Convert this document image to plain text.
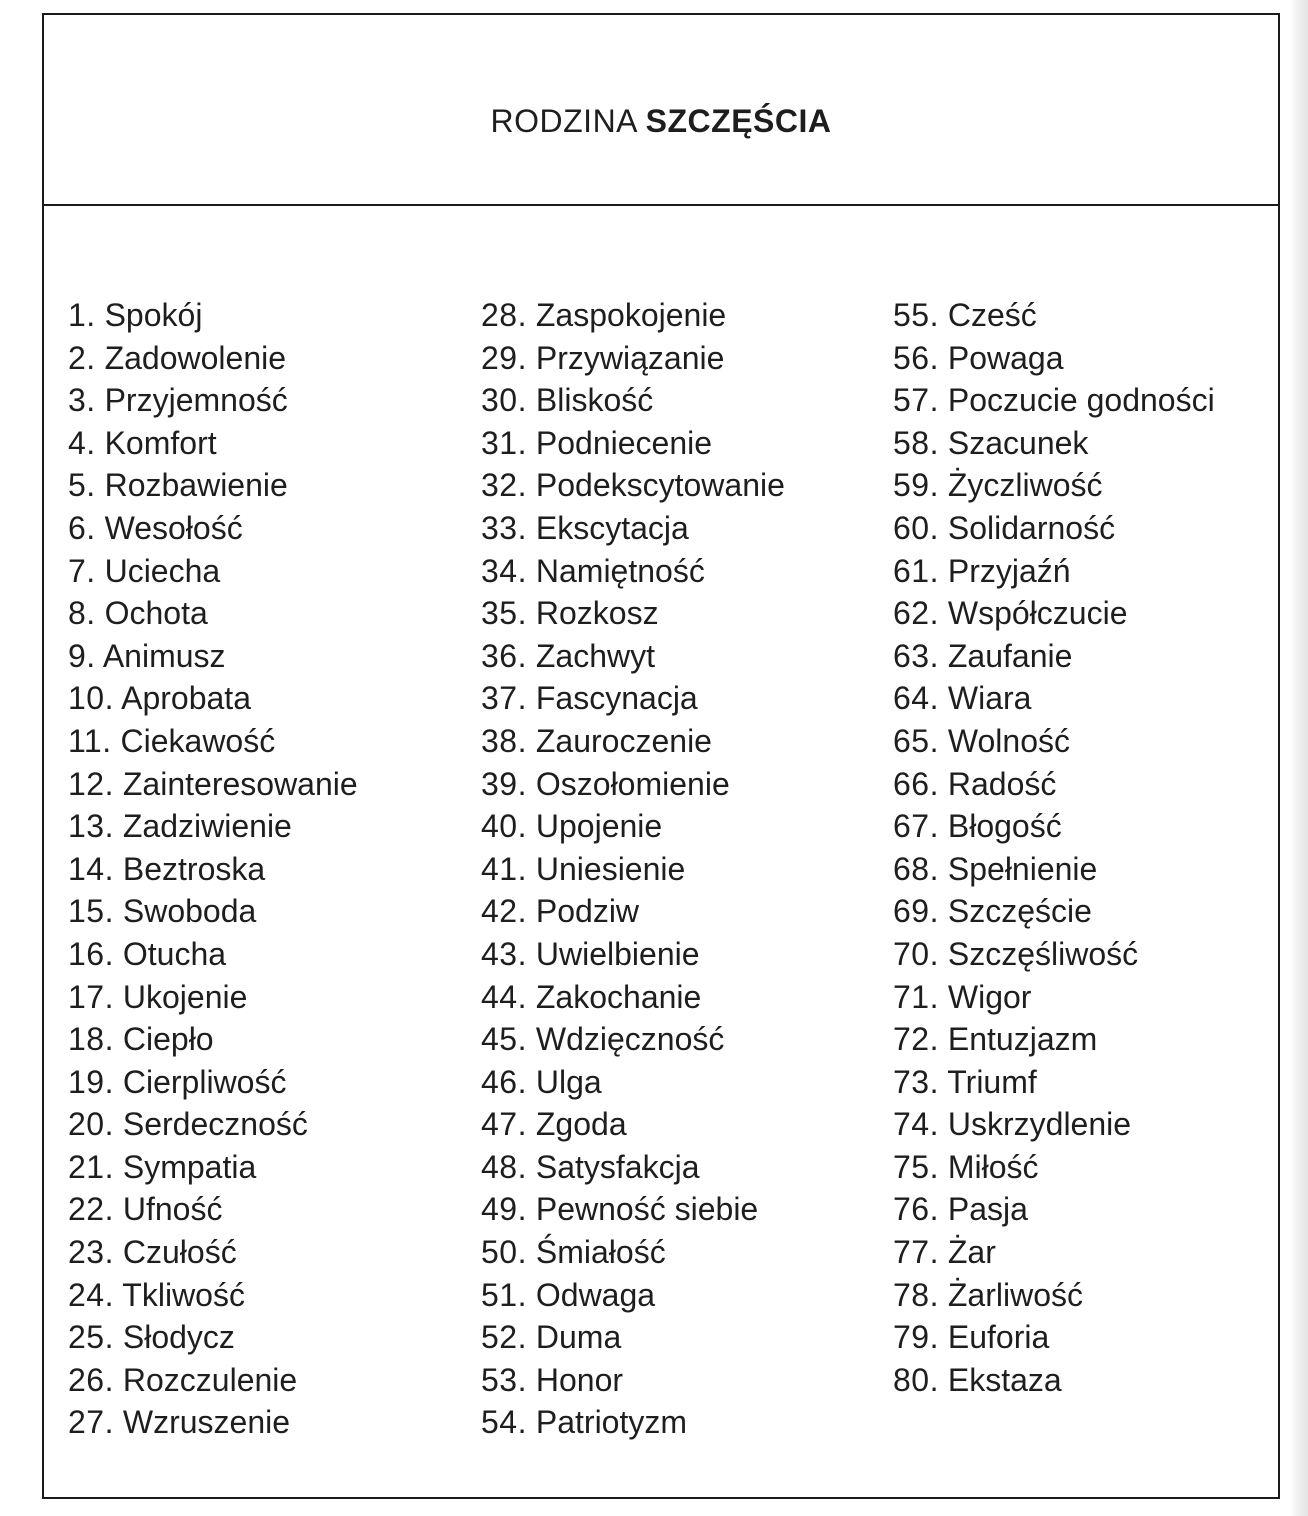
RODZINA SZCZĘŚCIA
1. Spokój
2. Zadowolenie
3. Przyjemność
4. Komfort
5. Rozbawienie
6. Wesołość
7. Uciecha
8. Ochota
9. Animusz
10. Aprobata
11. Ciekawość
12. Zainteresowanie
13. Zadziwienie
14. Beztroska
15. Swoboda
16. Otucha
17. Ukojenie
18. Ciepło
19. Cierpliwość
20. Serdeczność
21. Sympatia
22. Ufność
23. Czułość
24. Tkliwość
25. Słodycz
26. Rozczulenie
27. Wzruszenie
28. Zaspokojenie
29. Przywiązanie
30. Bliskość
31. Podniecenie
32. Podekscytowanie
33. Ekscytacja
34. Namiętność
35. Rozkosz
36. Zachwyt
37. Fascynacja
38. Zauroczenie
39. Oszołomienie
40. Upojenie
41. Uniesienie
42. Podziw
43. Uwielbienie
44. Zakochanie
45. Wdzięczność
46. Ulga
47. Zgoda
48. Satysfakcja
49. Pewność siebie
50. Śmiałość
51. Odwaga
52. Duma
53. Honor
54. Patriotyzm
55. Cześć
56. Powaga
57. Poczucie godności
58. Szacunek
59. Życzliwość
60. Solidarność
61. Przyjaźń
62. Współczucie
63. Zaufanie
64. Wiara
65. Wolność
66. Radość
67. Błogość
68. Spełnienie
69. Szczęście
70. Szczęśliwość
71. Wigor
72. Entuzjazm
73. Triumf
74. Uskrzydlenie
75. Miłość
76. Pasja
77. Żar
78. Żarliwość
79. Euforia
80. Ekstaza
